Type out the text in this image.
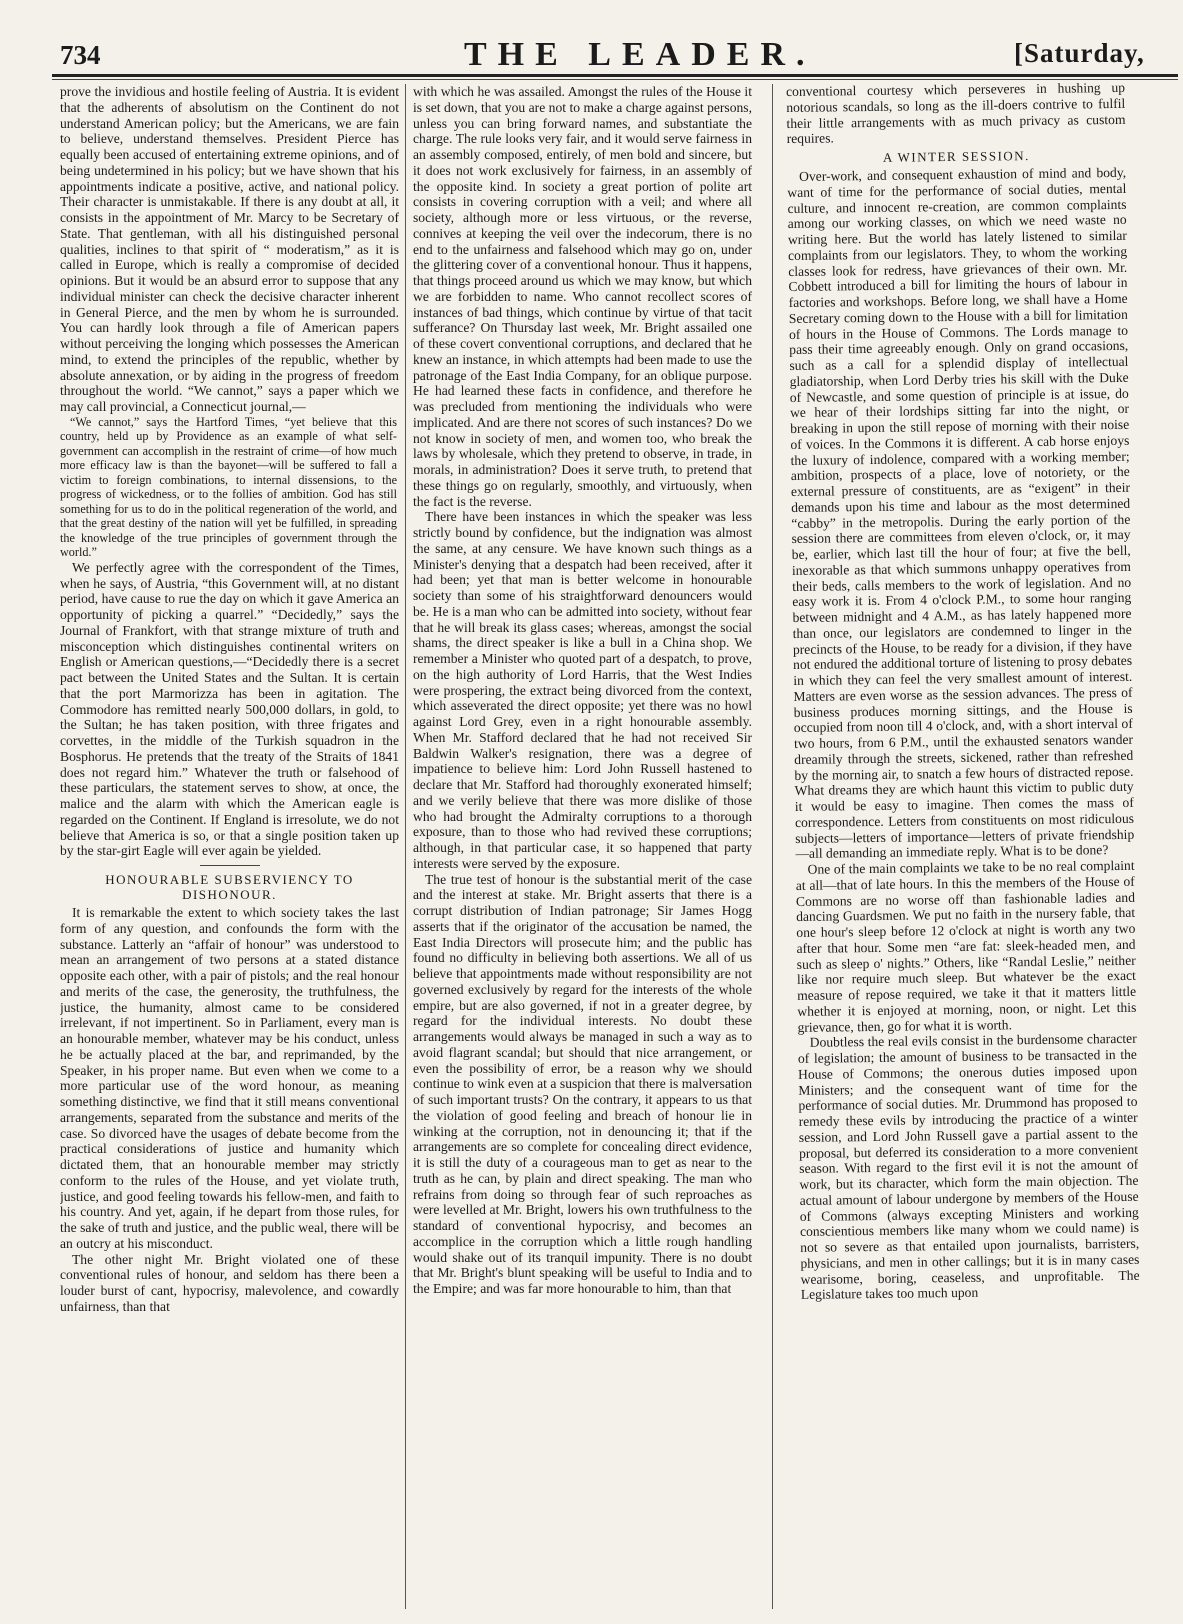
734	THE LEADER.	[Saturday,

prove the invidious and hostile feeling of Austria. It is evident that the adherents of absolutism on the Continent do not understand American policy; but the Americans, we are fain to believe, understand themselves. President Pierce has equally been accused of entertaining extreme opinions, and of being undetermined in his policy; but we have shown that his appointments indicate a positive, active, and national policy. Their character is unmistakable. If there is any doubt at all, it consists in the appointment of Mr. Marcy to be Secretary of State. That gentleman, with all his distinguished personal qualities, inclines to that spirit of “ moderatism,” as it is called in Europe, which is really a compromise of decided opinions. But it would be an absurd error to suppose that any individual minister can check the decisive character inherent in General Pierce, and the men by whom he is surrounded. You can hardly look through a file of American papers without perceiving the longing which possesses the American mind, to extend the principles of the republic, whether by absolute annexation, or by aiding in the progress of freedom throughout the world. “We cannot,” says a paper which we may call provincial, a Connecticut journal,—

“We cannot,” says the Hartford Times, “yet believe that this country, held up by Providence as an example of what self-government can accomplish in the restraint of crime—of how much more efficacy law is than the bayonet—will be suffered to fall a victim to foreign combinations, to internal dissensions, to the progress of wickedness, or to the follies of ambition. God has still something for us to do in the political regeneration of the world, and that the great destiny of the nation will yet be fulfilled, in spreading the knowledge of the true principles of government through the world.”

We perfectly agree with the correspondent of the Times, when he says, of Austria, “this Government will, at no distant period, have cause to rue the day on which it gave America an opportunity of picking a quarrel.” “Decidedly,” says the Journal of Frankfort, with that strange mixture of truth and misconception which distinguishes continental writers on English or American questions,—“Decidedly there is a secret pact between the United States and the Sultan. It is certain that the port Marmorizza has been in agitation. The Commodore has remitted nearly 500,000 dollars, in gold, to the Sultan; he has taken position, with three frigates and corvettes, in the middle of the Turkish squadron in the Bosphorus. He pretends that the treaty of the Straits of 1841 does not regard him.” Whatever the truth or falsehood of these particulars, the statement serves to show, at once, the malice and the alarm with which the American eagle is regarded on the Continent. If England is irresolute, we do not believe that America is so, or that a single position taken up by the star-girt Eagle will ever again be yielded.

HONOURABLE SUBSERVIENCY TO DISHONOUR.

It is remarkable the extent to which society takes the last form of any question, and confounds the form with the substance. Latterly an “affair of honour” was understood to mean an arrangement of two persons at a stated distance opposite each other, with a pair of pistols; and the real honour and merits of the case, the generosity, the truthfulness, the justice, the humanity, almost came to be considered irrelevant, if not impertinent. So in Parliament, every man is an honourable member, whatever may be his conduct, unless he be actually placed at the bar, and reprimanded, by the Speaker, in his proper name. But even when we come to a more particular use of the word honour, as meaning something distinctive, we find that it still means conventional arrangements, separated from the substance and merits of the case. So divorced have the usages of debate become from the practical considerations of justice and humanity which dictated them, that an honourable member may strictly conform to the rules of the House, and yet violate truth, justice, and good feeling towards his fellow-men, and faith to his country. And yet, again, if he depart from those rules, for the sake of truth and justice, and the public weal, there will be an outcry at his misconduct.

The other night Mr. Bright violated one of these conventional rules of honour, and seldom has there been a louder burst of cant, hypocrisy, malevolence, and cowardly unfairness, than that

with which he was assailed. Amongst the rules of the House it is set down, that you are not to make a charge against persons, unless you can bring forward names, and substantiate the charge. The rule looks very fair, and it would serve fairness in an assembly composed, entirely, of men bold and sincere, but it does not work exclusively for fairness, in an assembly of the opposite kind. In society a great portion of polite art consists in covering corruption with a veil; and where all society, although more or less virtuous, or the reverse, connives at keeping the veil over the indecorum, there is no end to the unfairness and falsehood which may go on, under the glittering cover of a conventional honour. Thus it happens, that things proceed around us which we may know, but which we are forbidden to name. Who cannot recollect scores of instances of bad things, which continue by virtue of that tacit sufferance? On Thursday last week, Mr. Bright assailed one of these covert conventional corruptions, and declared that he knew an instance, in which attempts had been made to use the patronage of the East India Company, for an oblique purpose. He had learned these facts in confidence, and therefore he was precluded from mentioning the individuals who were implicated. And are there not scores of such instances? Do we not know in society of men, and women too, who break the laws by wholesale, which they pretend to observe, in trade, in morals, in administration? Does it serve truth, to pretend that these things go on regularly, smoothly, and virtuously, when the fact is the reverse.

There have been instances in which the speaker was less strictly bound by confidence, but the indignation was almost the same, at any censure. We have known such things as a Minister's denying that a despatch had been received, after it had been; yet that man is better welcome in honourable society than some of his straightforward denouncers would be. He is a man who can be admitted into society, without fear that he will break its glass cases; whereas, amongst the social shams, the direct speaker is like a bull in a China shop. We remember a Minister who quoted part of a despatch, to prove, on the high authority of Lord Harris, that the West Indies were prospering, the extract being divorced from the context, which asseverated the direct opposite; yet there was no howl against Lord Grey, even in a right honourable assembly. When Mr. Stafford declared that he had not received Sir Baldwin Walker's resignation, there was a degree of impatience to believe him: Lord John Russell hastened to declare that Mr. Stafford had thoroughly exonerated himself; and we verily believe that there was more dislike of those who had brought the Admiralty corruptions to a thorough exposure, than to those who had revived these corruptions; although, in that particular case, it so happened that party interests were served by the exposure.

The true test of honour is the substantial merit of the case and the interest at stake. Mr. Bright asserts that there is a corrupt distribution of Indian patronage; Sir James Hogg asserts that if the originator of the accusation be named, the East India Directors will prosecute him; and the public has found no difficulty in believing both assertions. We all of us believe that appointments made without responsibility are not governed exclusively by regard for the interests of the whole empire, but are also governed, if not in a greater degree, by regard for the individual interests. No doubt these arrangements would always be managed in such a way as to avoid flagrant scandal; but should that nice arrangement, or even the possibility of error, be a reason why we should continue to wink even at a suspicion that there is malversation of such important trusts? On the contrary, it appears to us that the violation of good feeling and breach of honour lie in winking at the corruption, not in denouncing it; that if the arrangements are so complete for concealing direct evidence, it is still the duty of a courageous man to get as near to the truth as he can, by plain and direct speaking. The man who refrains from doing so through fear of such reproaches as were levelled at Mr. Bright, lowers his own truthfulness to the standard of conventional hypocrisy, and becomes an accomplice in the corruption which a little rough handling would shake out of its tranquil impunity. There is no doubt that Mr. Bright's blunt speaking will be useful to India and to the Empire; and was far more honourable to him, than that

conventional courtesy which perseveres in hushing up notorious scandals, so long as the ill-doers contrive to fulfil their little arrangements with as much privacy as custom requires.

A WINTER SESSION.

Over-work, and consequent exhaustion of mind and body, want of time for the performance of social duties, mental culture, and innocent re-creation, are common complaints among our working classes, on which we need waste no writing here. But the world has lately listened to similar complaints from our legislators. They, to whom the working classes look for redress, have grievances of their own. Mr. Cobbett introduced a bill for limiting the hours of labour in factories and workshops. Before long, we shall have a Home Secretary coming down to the House with a bill for limitation of hours in the House of Commons. The Lords manage to pass their time agreeably enough. Only on grand occasions, such as a call for a splendid display of intellectual gladiatorship, when Lord Derby tries his skill with the Duke of Newcastle, and some question of principle is at issue, do we hear of their lordships sitting far into the night, or breaking in upon the still repose of morning with their noise of voices. In the Commons it is different. A cab horse enjoys the luxury of indolence, compared with a working member; ambition, prospects of a place, love of notoriety, or the external pressure of constituents, are as “exigent” in their demands upon his time and labour as the most determined “cabby” in the metropolis. During the early portion of the session there are committees from eleven o'clock, or, it may be, earlier, which last till the hour of four; at five the bell, inexorable as that which summons unhappy operatives from their beds, calls members to the work of legislation. And no easy work it is. From 4 o'clock P.M., to some hour ranging between midnight and 4 A.M., as has lately happened more than once, our legislators are condemned to linger in the precincts of the House, to be ready for a division, if they have not endured the additional torture of listening to prosy debates in which they can feel the very smallest amount of interest. Matters are even worse as the session advances. The press of business produces morning sittings, and the House is occupied from noon till 4 o'clock, and, with a short interval of two hours, from 6 P.M., until the exhausted senators wander dreamily through the streets, sickened, rather than refreshed by the morning air, to snatch a few hours of distracted repose. What dreams they are which haunt this victim to public duty it would be easy to imagine. Then comes the mass of correspondence. Letters from constituents on most ridiculous subjects—letters of importance—letters of private friendship—all demanding an immediate reply. What is to be done?

One of the main complaints we take to be no real complaint at all—that of late hours. In this the members of the House of Commons are no worse off than fashionable ladies and dancing Guardsmen. We put no faith in the nursery fable, that one hour's sleep before 12 o'clock at night is worth any two after that hour. Some men “are fat: sleek-headed men, and such as sleep o' nights.” Others, like “Randal Leslie,” neither like nor require much sleep. But whatever be the exact measure of repose required, we take it that it matters little whether it is enjoyed at morning, noon, or night. Let this grievance, then, go for what it is worth.

Doubtless the real evils consist in the burdensome character of legislation; the amount of business to be transacted in the House of Commons; the onerous duties imposed upon Ministers; and the consequent want of time for the performance of social duties. Mr. Drummond has proposed to remedy these evils by introducing the practice of a winter session, and Lord John Russell gave a partial assent to the proposal, but deferred its consideration to a more convenient season. With regard to the first evil it is not the amount of work, but its character, which form the main objection. The actual amount of labour undergone by members of the House of Commons (always excepting Ministers and working conscientious members like many whom we could name) is not so severe as that entailed upon journalists, barristers, physicians, and men in other callings; but it is in many cases wearisome, boring, ceaseless, and unprofitable. The Legislature takes too much upon
